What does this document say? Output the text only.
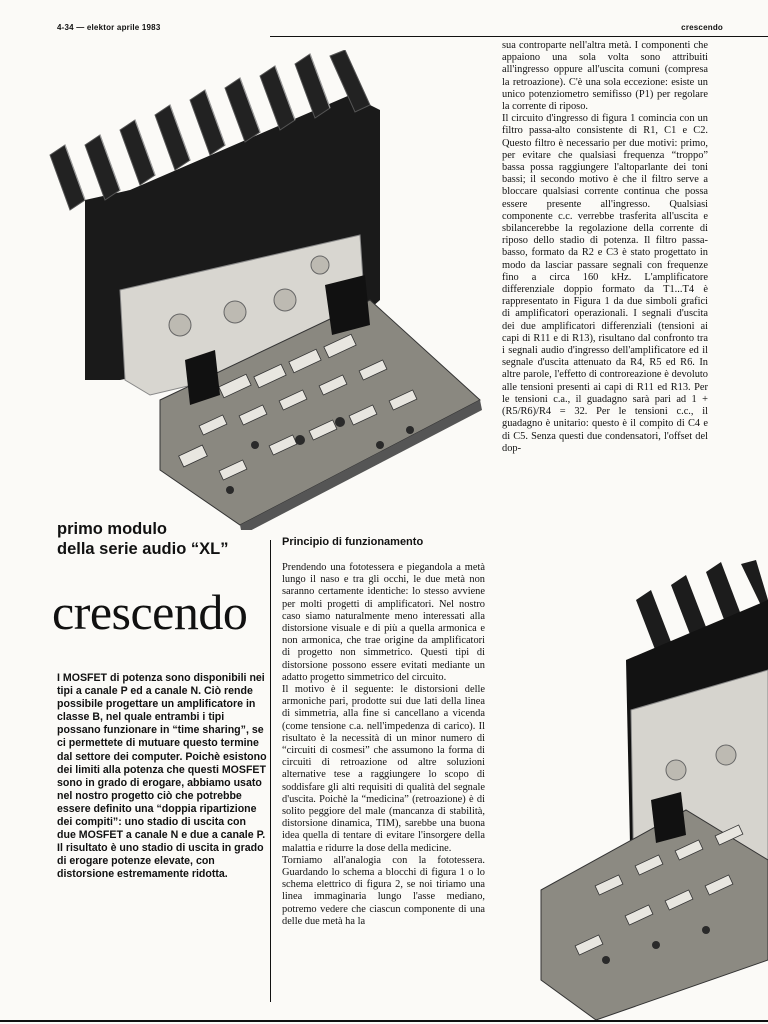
4-34 — elektor aprile 1983	crescendo

sua controparte nell'altra metà. I componenti che appaiono una sola volta sono attribuiti all'ingresso oppure all'uscita comuni (compresa la retroazione). C'è una sola eccezione: esiste un unico potenziometro semifisso (P1) per regolare la corrente di riposo.

Il circuito d'ingresso di figura 1 comincia con un filtro passa-alto consistente di R1, C1 e C2. Questo filtro è necessario per due motivi: primo, per evitare che qualsiasi frequenza “troppo” bassa possa raggiungere l'altoparlante dei toni bassi; il secondo motivo è che il filtro serve a bloccare qualsiasi corrente continua che possa essere presente all'ingresso. Qualsiasi componente c.c. verrebbe trasferita all'uscita e sbilancerebbe la regolazione della corrente di riposo dello stadio di potenza. Il filtro passa-basso, formato da R2 e C3 è stato progettato in modo da lasciar passare segnali con frequenze fino a circa 160 kHz. L'amplificatore differenziale doppio formato da T1...T4 è rappresentato in Figura 1 da due simboli grafici di amplificatori operazionali. I segnali d'uscita dei due amplificatori differenziali (tensioni ai capi di R11 e di R13), risultano dal confronto tra i segnali audio d'ingresso dell'amplificatore ed il segnale d'uscita attenuato da R4, R5 ed R6. In altre parole, l'effetto di controreazione è devoluto alle tensioni presenti ai capi di R11 ed R13. Per le tensioni c.a., il guadagno sarà pari ad 1 + (R5/R6)/R4 = 32. Per le tensioni c.c., il guadagno è unitario: questo è il compito di C4 e di C5. Senza questi due condensatori, l'offset del dop-

primo modulo
della serie audio “XL”
crescendo
I MOSFET di potenza sono disponibili nei tipi a canale P ed a canale N. Ciò rende possibile progettare un amplificatore in classe B, nel quale entrambi i tipi possano funzionare in “time sharing”, se ci permettete di mutuare questo termine dal settore dei computer. Poichè esistono dei limiti alla potenza che questi MOSFET sono in grado di erogare, abbiamo usato nel nostro progetto ciò che potrebbe essere definito una “doppia ripartizione dei compiti”: uno stadio di uscita con due MOSFET a canale N e due a canale P. Il risultato è uno stadio di uscita in grado di erogare potenze elevate, con distorsione estremamente ridotta.
Principio di funzionamento

Prendendo una fototessera e piegandola a metà lungo il naso e tra gli occhi, le due metà non saranno certamente identiche: lo stesso avviene per molti progetti di amplificatori. Nel nostro caso siamo naturalmente meno interessati alla distorsione visuale e di più a quella armonica e non armonica, che trae origine da amplificatori di progetto non simmetrico. Questi tipi di distorsione possono essere evitati mediante un adatto progetto simmetrico del circuito.

Il motivo è il seguente: le distorsioni delle armoniche pari, prodotte sui due lati della linea di simmetria, alla fine si cancellano a vicenda (come tensione c.a. nell'impedenza di carico). Il risultato è la necessità di un minor numero di “circuiti di cosmesi” che assumono la forma di circuiti di retroazione od altre soluzioni alternative tese a raggiungere lo scopo di soddisfare gli alti requisiti di qualità del segnale d'uscita. Poichè la “medicina” (retroazione) è di solito peggiore del male (mancanza di stabilità, distorsione dinamica, TIM), sarebbe una buona idea quella di tentare di evitare l'insorgere della malattia e ridurre la dose della medicine.

Torniamo all'analogia con la fototessera. Guardando lo schema a blocchi di figura 1 o lo schema elettrico di figura 2, se noi tiriamo una linea immaginaria lungo l'asse mediano, potremo vedere che ciascun componente di una delle due metà ha la
